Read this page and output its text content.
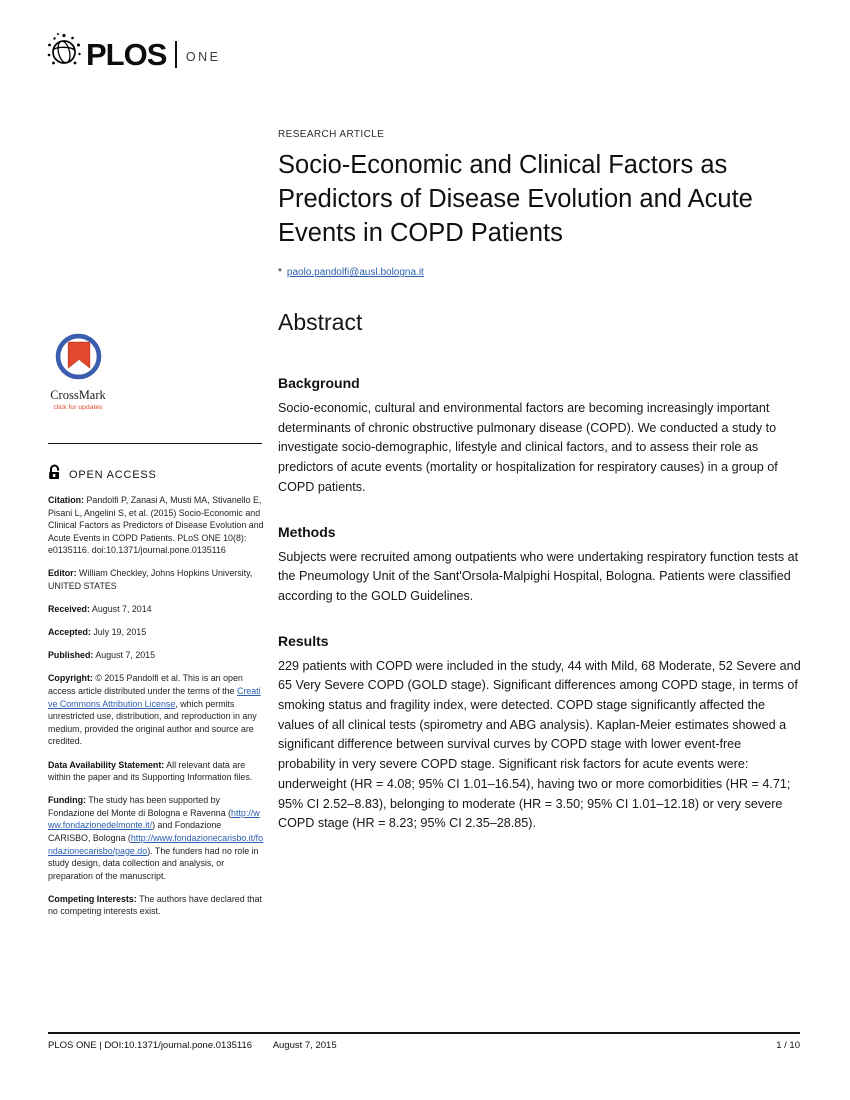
PLOS ONE
CrossMark
click for updates
OPEN ACCESS

Citation: Pandolfi P, Zanasi A, Musti MA, Stivanello E, Pisani L, Angelini S, et al. (2015) Socio-Economic and Clinical Factors as Predictors of Disease Evolution and Acute Events in COPD Patients. PLoS ONE 10(8): e0135116. doi:10.1371/journal.pone.0135116

Editor: William Checkley, Johns Hopkins University, UNITED STATES

Received: August 7, 2014

Accepted: July 19, 2015

Published: August 7, 2015

Copyright: © 2015 Pandolfi et al. This is an open access article distributed under the terms of the Creative Commons Attribution License, which permits unrestricted use, distribution, and reproduction in any medium, provided the original author and source are credited.

Data Availability Statement: All relevant data are within the paper and its Supporting Information files.

Funding: The study has been supported by Fondazione del Monte di Bologna e Ravenna (http://www.fondazionedelmonte.it/) and Fondazione CARISBO, Bologna (http://www.fondazionecarisbo.it/fondazionecarisbo/page.do). The funders had no role in study design, data collection and analysis, or preparation of the manuscript.

Competing Interests: The authors have declared that no competing interests exist.

RESEARCH ARTICLE
Socio-Economic and Clinical Factors as Predictors of Disease Evolution and Acute Events in COPD Patients
* paolo.pandolfi@ausl.bologna.it
Abstract
Background

Socio-economic, cultural and environmental factors are becoming increasingly important determinants of chronic obstructive pulmonary disease (COPD). We conducted a study to investigate socio-demographic, lifestyle and clinical factors, and to assess their role as predictors of acute events (mortality or hospitalization for respiratory causes) in a group of COPD patients.

Methods

Subjects were recruited among outpatients who were undertaking respiratory function tests at the Pneumology Unit of the Sant'Orsola-Malpighi Hospital, Bologna. Patients were classified according to the GOLD Guidelines.

Results

229 patients with COPD were included in the study, 44 with Mild, 68 Moderate, 52 Severe and 65 Very Severe COPD (GOLD stage). Significant differences among COPD stage, in terms of smoking status and fragility index, were detected. COPD stage significantly affected the values of all clinical tests (spirometry and ABG analysis). Kaplan-Meier estimates showed a significant difference between survival curves by COPD stage with lower event-free probability in very severe COPD stage. Significant risk factors for acute events were: underweight (HR = 4.08; 95% CI 1.01–16.54), having two or more comorbidities (HR = 4.71; 95% CI 2.52–8.83), belonging to moderate (HR = 3.50; 95% CI 1.01–12.18) or very severe COPD stage (HR = 8.23; 95% CI 2.35–28.85).

PLOS ONE | DOI:10.1371/journal.pone.0135116 August 7, 2015	1 / 10
